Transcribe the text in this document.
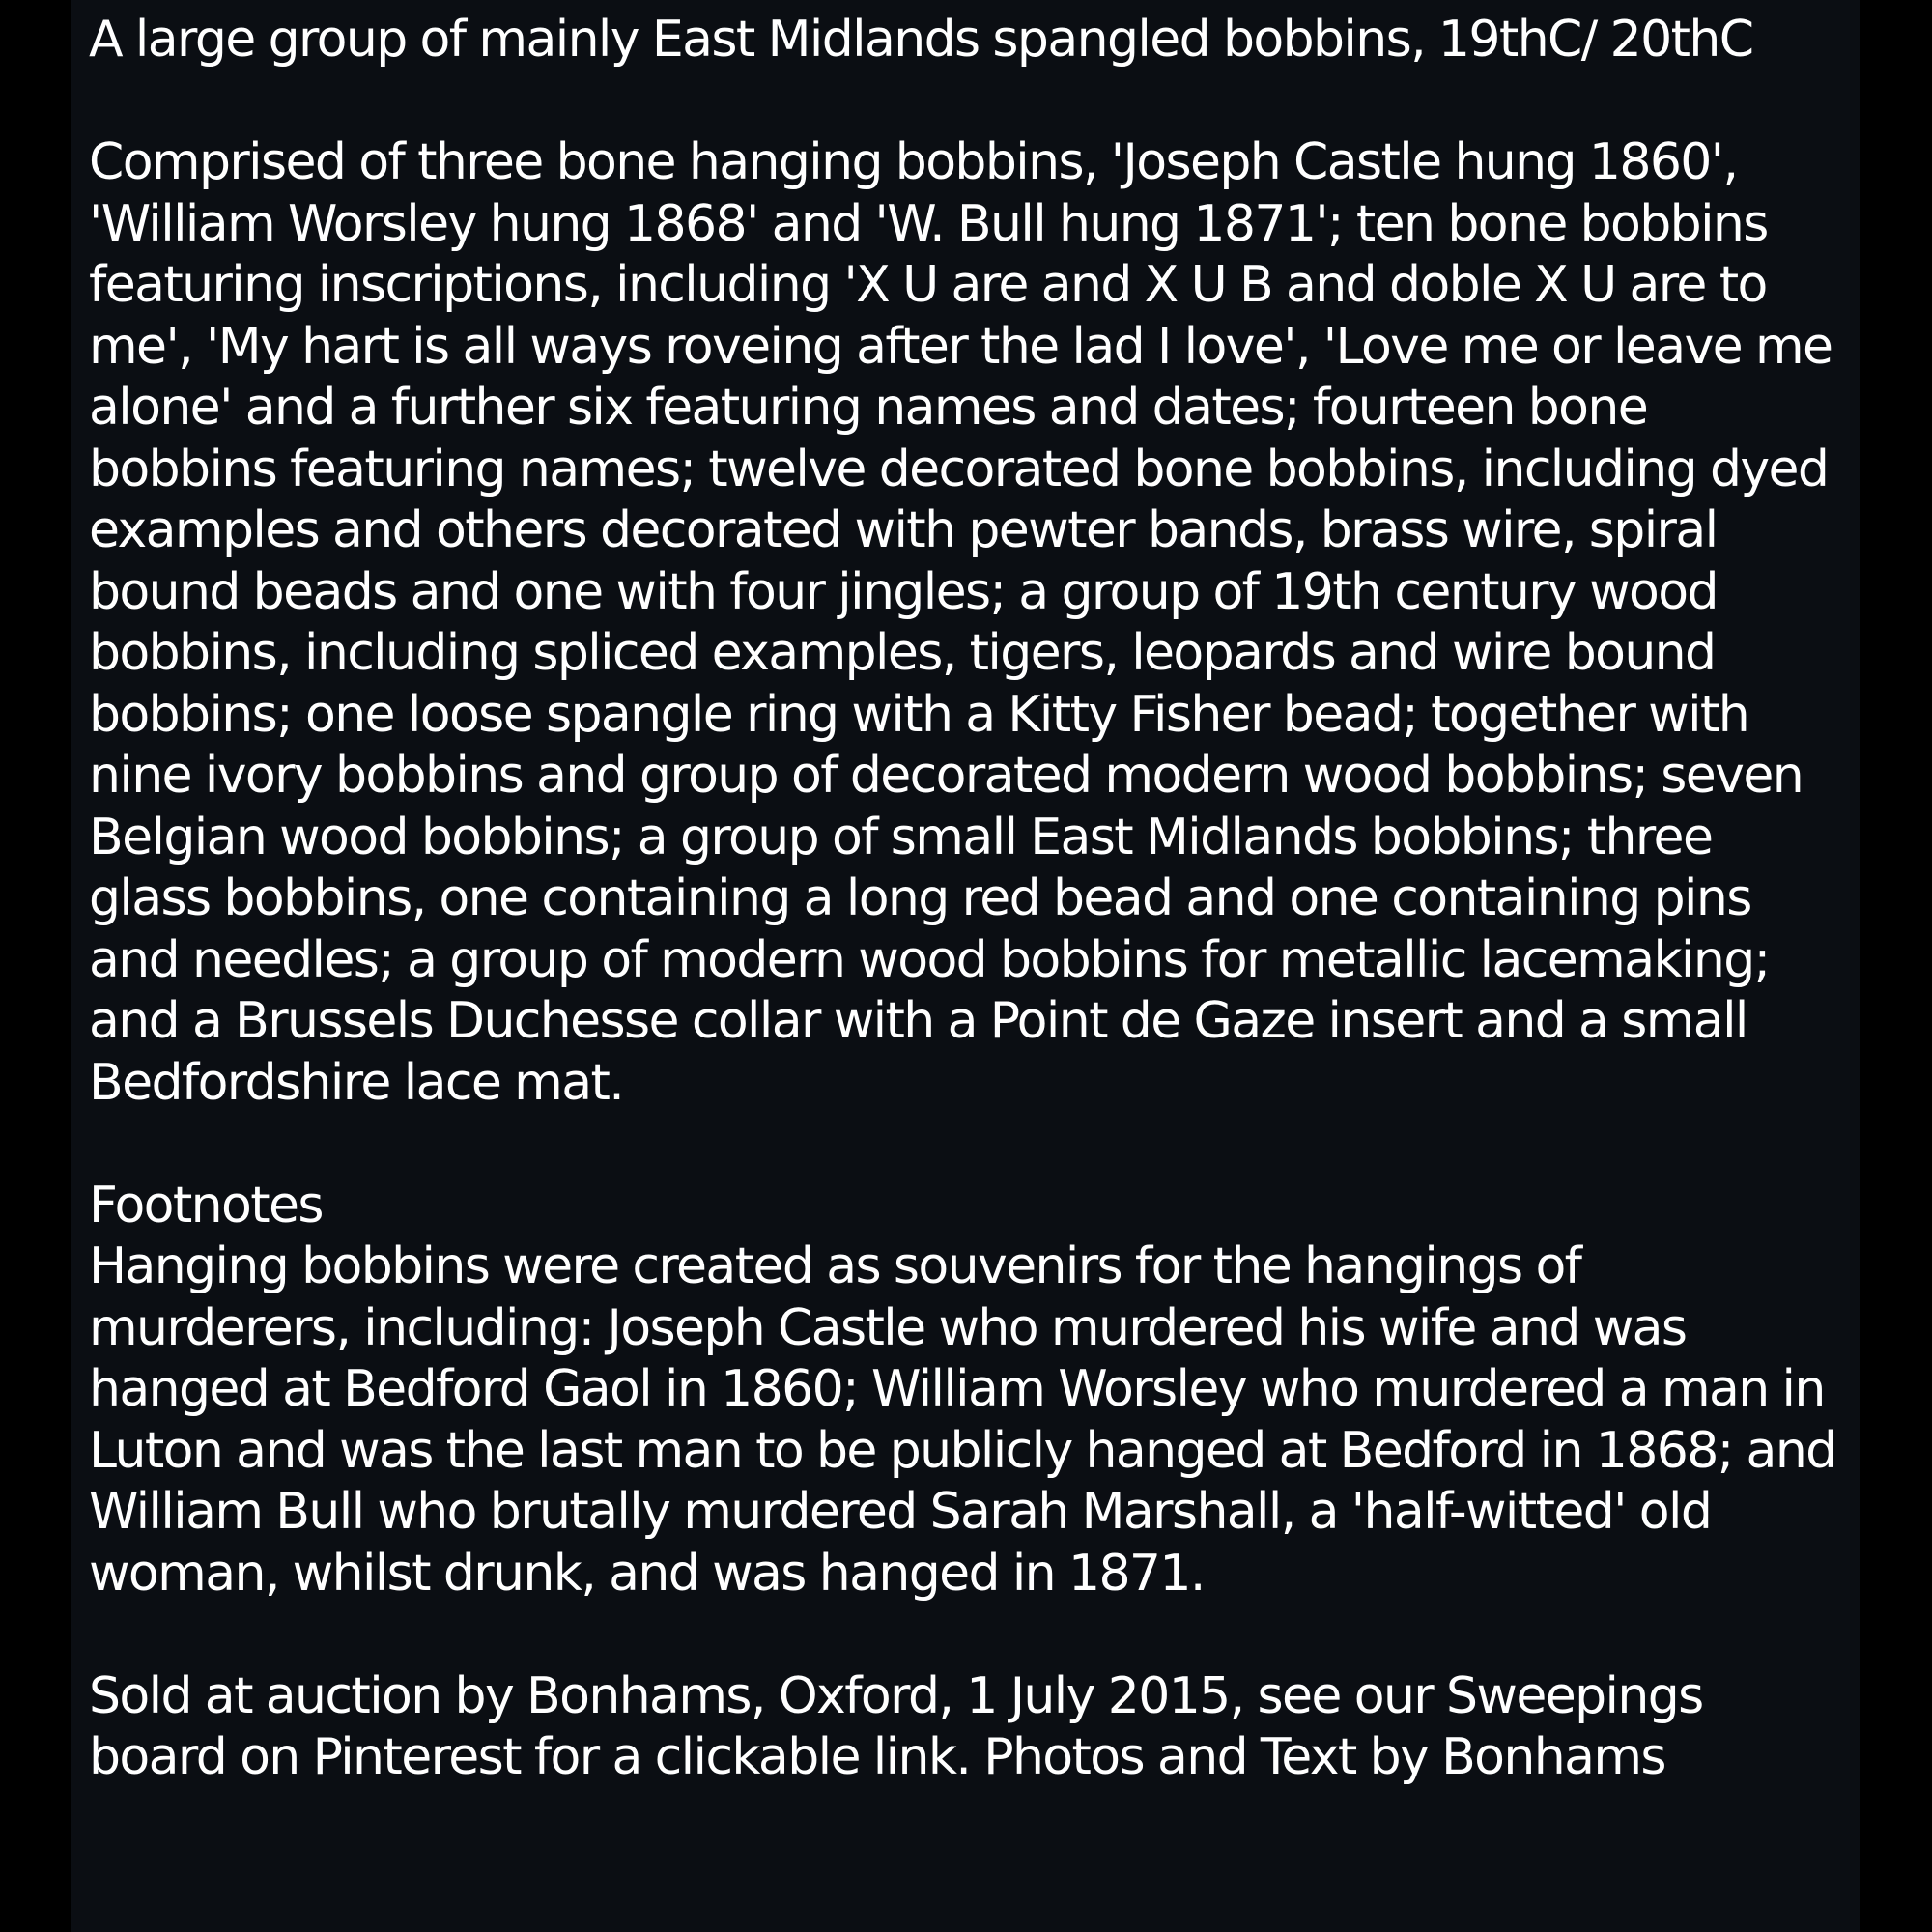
A large group of mainly East Midlands spangled bobbins, 19thC/ 20thC

Comprised of three bone hanging bobbins, 'Joseph Castle hung 1860', 'William Worsley hung 1868' and 'W. Bull hung 1871'; ten bone bobbins featuring inscriptions, including 'X U are and X U B and doble X U are to me', 'My hart is all ways roveing after the lad I love', 'Love me or leave me alone' and a further six featuring names and dates; fourteen bone bobbins featuring names; twelve decorated bone bobbins, including dyed examples and others decorated with pewter bands, brass wire, spiral bound beads and one with four jingles; a group of 19th century wood bobbins, including spliced examples, tigers, leopards and wire bound bobbins; one loose spangle ring with a Kitty Fisher bead; together with nine ivory bobbins and group of decorated modern wood bobbins; seven Belgian wood bobbins; a group of small East Midlands bobbins; three glass bobbins, one containing a long red bead and one containing pins and needles; a group of modern wood bobbins for metallic lacemaking; and a Brussels Duchesse collar with a Point de Gaze insert and a small Bedfordshire lace mat.

Footnotes

Hanging bobbins were created as souvenirs for the hangings of murderers, including: Joseph Castle who murdered his wife and was hanged at Bedford Gaol in 1860; William Worsley who murdered a man in Luton and was the last man to be publicly hanged at Bedford in 1868; and William Bull who brutally murdered Sarah Marshall, a 'half-witted' old woman, whilst drunk, and was hanged in 1871.

Sold at auction by Bonhams, Oxford, 1 July 2015, see our Sweepings board on Pinterest for a clickable link. Photos and Text by Bonhams
